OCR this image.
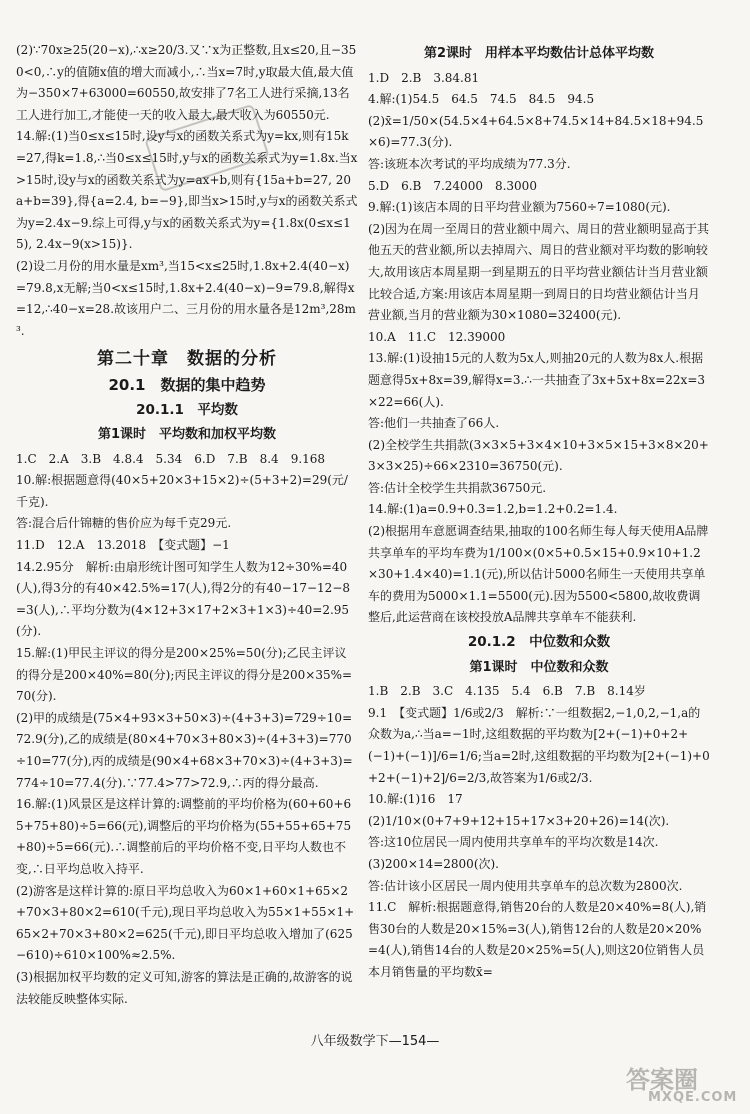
(2)∵70x≥25(20−x),∴x≥20/3.又∵x为正整数,且x≤20,且−350<0,∴y的值随x值的增大而减小,∴当x=7时,y取最大值,最大值为−350×7+63000=60550,故安排了7名工人进行采摘,13名工人进行加工,才能使一天的收入最大,最大收入为60550元.
14.解:(1)当0≤x≤15时,设y与x的函数关系式为y=kx,则有15k=27,得k=1.8,∴当0≤x≤15时,y与x的函数关系式为y=1.8x.当x>15时,设y与x的函数关系式为y=ax+b,则有{15a+b=27, 20a+b=39},得{a=2.4, b=−9},即当x>15时,y与x的函数关系式为y=2.4x−9.综上可得,y与x的函数关系式为y={1.8x(0≤x≤15), 2.4x−9(x>15)}.
(2)设二月份的用水量是xm³,当15<x≤25时,1.8x+2.4(40−x)=79.8,x无解;当0<x≤15时,1.8x+2.4(40−x)−9=79.8,解得x=12,∴40−x=28.故该用户二、三月份的用水量各是12m³,28m³.
第二十章　数据的分析
20.1　数据的集中趋势
20.1.1　平均数
第1课时　平均数和加权平均数
1.C　2.A　3.B　4.8.4　5.34　6.D　7.B　8.4　9.168
10.解:根据题意得(40×5+20×3+15×2)÷(5+3+2)=29(元/千克).
答:混合后什锦糖的售价应为每千克29元.
11.D　12.A　13.2018　【变式题】−1
14.2.95分　解析:由扇形统计图可知学生人数为12÷30%=40(人),得3分的有40×42.5%=17(人),得2分的有40−17−12−8=3(人),∴平均分数为(4×12+3×17+2×3+1×3)÷40=2.95(分).
15.解:(1)甲民主评议的得分是200×25%=50(分);乙民主评议的得分是200×40%=80(分);丙民主评议的得分是200×35%=70(分).
(2)甲的成绩是(75×4+93×3+50×3)÷(4+3+3)=729÷10=72.9(分),乙的成绩是(80×4+70×3+80×3)÷(4+3+3)=770÷10=77(分),丙的成绩是(90×4+68×3+70×3)÷(4+3+3)=774÷10=77.4(分).∵77.4>77>72.9,∴丙的得分最高.
16.解:(1)风景区是这样计算的:调整前的平均价格为(60+60+65+75+80)÷5=66(元),调整后的平均价格为(55+55+65+75+80)÷5=66(元).∴调整前后的平均价格不变,日平均人数也不变,∴日平均总收入持平.
(2)游客是这样计算的:原日平均总收入为60×1+60×1+65×2+70×3+80×2=610(千元),现日平均总收入为55×1+55×1+65×2+70×3+80×2=625(千元),即日平均总收入增加了(625−610)÷610×100%≈2.5%.
(3)根据加权平均数的定义可知,游客的算法是正确的,故游客的说法较能反映整体实际.
第2课时　用样本平均数估计总体平均数
1.D　2.B　3.84.81
4.解:(1)54.5　64.5　74.5　84.5　94.5
(2)x̄=1/50×(54.5×4+64.5×8+74.5×14+84.5×18+94.5×6)=77.3(分).
答:该班本次考试的平均成绩为77.3分.
5.D　6.B　7.24000　8.3000
9.解:(1)该店本周的日平均营业额为7560÷7=1080(元).
(2)因为在周一至周日的营业额中周六、周日的营业额明显高于其他五天的营业额,所以去掉周六、周日的营业额对平均数的影响较大,故用该店本周星期一到星期五的日平均营业额估计当月营业额比较合适,方案:用该店本周星期一到周日的日均营业额估计当月营业额,当月的营业额为30×1080=32400(元).
10.A　11.C　12.39000
13.解:(1)设抽15元的人数为5x人,则抽20元的人数为8x人.根据题意得5x+8x=39,解得x=3.∴一共抽查了3x+5x+8x=22x=3×22=66(人).
答:他们一共抽查了66人.
(2)全校学生共捐款(3×3×5+3×4×10+3×5×15+3×8×20+3×3×25)÷66×2310=36750(元).
答:估计全校学生共捐款36750元.
14.解:(1)a=0.9+0.3=1.2,b=1.2+0.2=1.4.
(2)根据用车意愿调查结果,抽取的100名师生每人每天使用A品牌共享单车的平均车费为1/100×(0×5+0.5×15+0.9×10+1.2×30+1.4×40)=1.1(元),所以估计5000名师生一天使用共享单车的费用为5000×1.1=5500(元).因为5500<5800,故收费调整后,此运营商在该校投放A品牌共享单车不能获利.
20.1.2　中位数和众数
第1课时　中位数和众数
1.B　2.B　3.C　4.135　5.4　6.B　7.B　8.14岁
9.1　【变式题】1/6或2/3　解析:∵一组数据2,−1,0,2,−1,a的众数为a,∴当a=−1时,这组数据的平均数为[2+(−1)+0+2+(−1)+(−1)]/6=1/6;当a=2时,这组数据的平均数为[2+(−1)+0+2+(−1)+2]/6=2/3,故答案为1/6或2/3.
10.解:(1)16　17
(2)1/10×(0+7+9+12+15+17×3+20+26)=14(次).
答:这10位居民一周内使用共享单车的平均次数是14次.
(3)200×14=2800(次).
答:估计该小区居民一周内使用共享单车的总次数为2800次.
11.C　解析:根据题意得,销售20台的人数是20×40%=8(人),销售30台的人数是20×15%=3(人),销售12台的人数是20×20%=4(人),销售14台的人数是20×25%=5(人),则这20位销售人员本月销售量的平均数x̄=
八年级数学下—154—
答案圈
MXQE.COM
